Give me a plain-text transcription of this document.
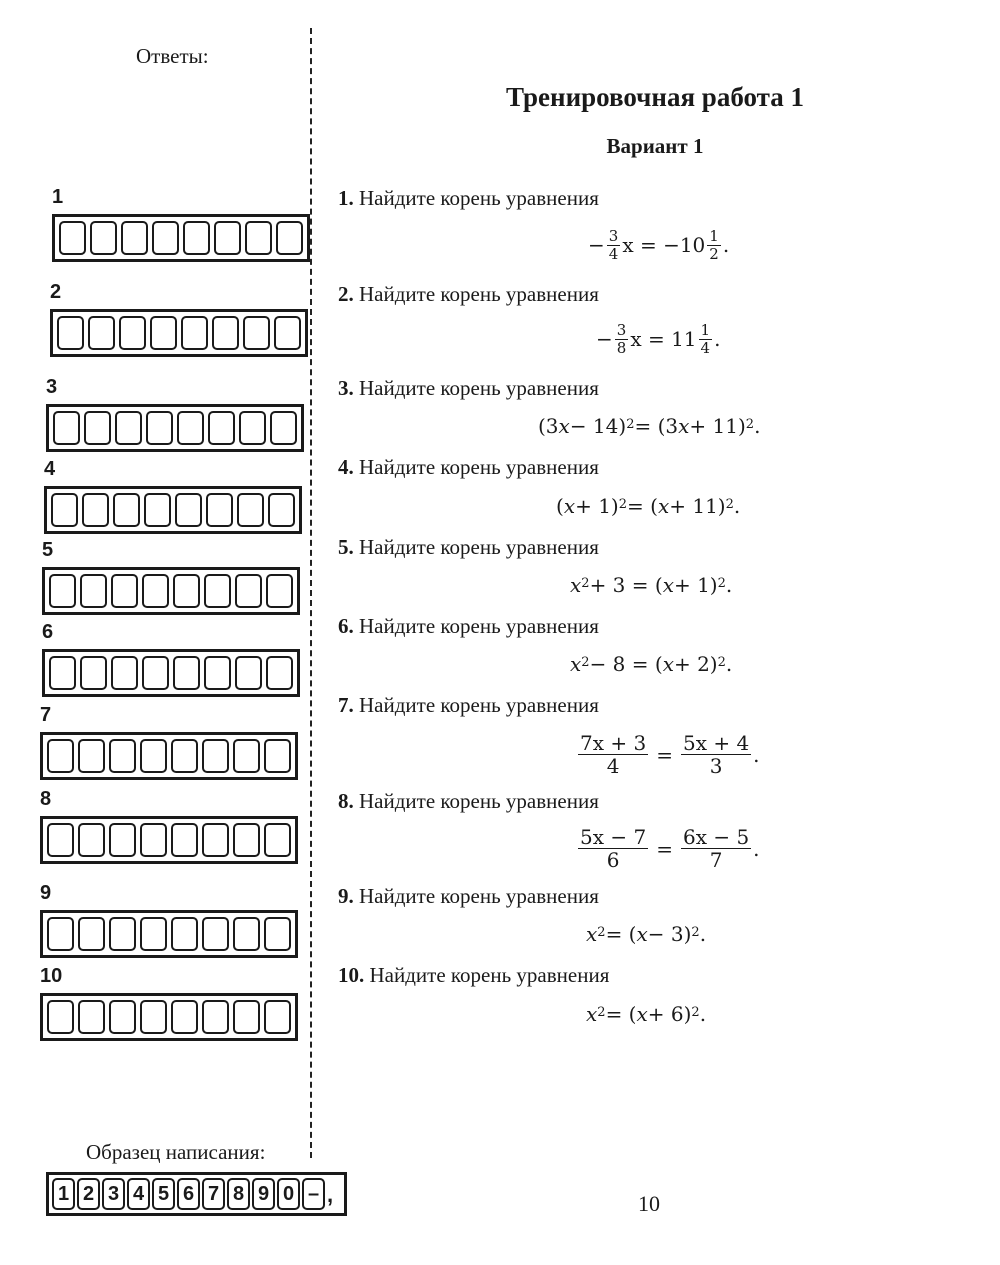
Ответы:
1
2
3
4
5
6
7
8
9
10
Образец написания:
1 2 3 4 5 6 7 8 9 0 – ,
Тренировочная работа 1
Вариант 1
1. Найдите корень уравнения
− $\frac{3}{4}$ $x = -10 \frac{1}{2}$ .
2. Найдите корень уравнения
− $\frac{3}{8}$ $x = 11 \frac{1}{4}$ .
3. Найдите корень уравнения
(3 x − 14)$^2$ = (3 x + 11)$^2$ .
4. Найдите корень уравнения
( x + 1)$^2$ = ( x + 11)$^2$ .
5. Найдите корень уравнения
$x^2 + 3$ = ( x + 1)$^2$ .
6. Найдите корень уравнения
$x^2 - 8$ = ( x + 2)$^2$ .
7. Найдите корень уравнения
$\frac{7x + 3}{4} = \frac{5x + 4}{3}$ .
8. Найдите корень уравнения
$\frac{5x - 7}{6} = \frac{6x - 5}{7}$ .
9. Найдите корень уравнения
$x^2$ = ( x − 3)$^2$ .
10. Найдите корень уравнения
$x^2$ = ( x + 6)$^2$ .
10
